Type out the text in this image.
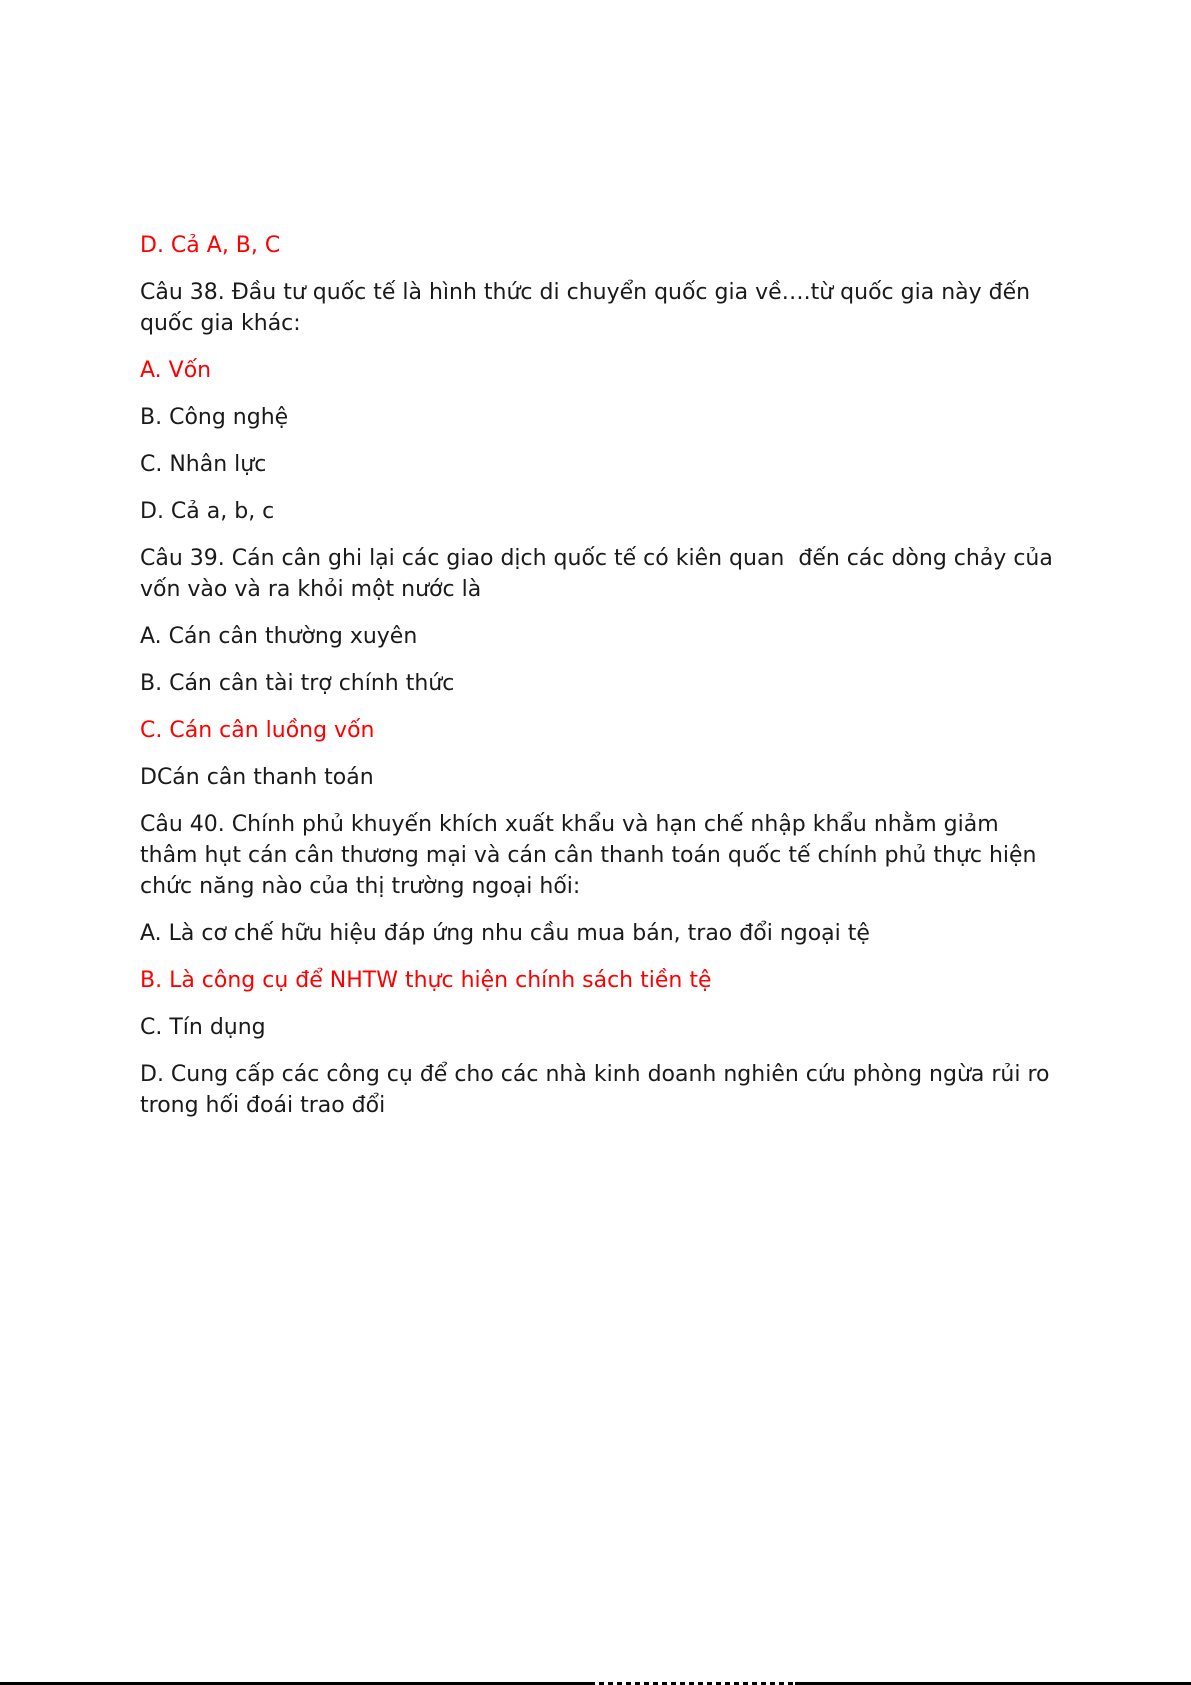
D. Cả A, B, C

Câu 38. Đầu tư quốc tế là hình thức di chuyển quốc gia về….từ quốc gia này đến quốc gia khác:

A. Vốn

B. Công nghệ

C. Nhân lực

D. Cả a, b, c

Câu 39. Cán cân ghi lại các giao dịch quốc tế có kiên quan  đến các dòng chảy của vốn vào và ra khỏi một nước là

A. Cán cân thường xuyên

B. Cán cân tài trợ chính thức

C. Cán cân luồng vốn

DCán cân thanh toán

Câu 40. Chính phủ khuyến khích xuất khẩu và hạn chế nhập khẩu nhằm giảm thâm hụt cán cân thương mại và cán cân thanh toán quốc tế chính phủ thực hiện chức năng nào của thị trường ngoại hối:

A. Là cơ chế hữu hiệu đáp ứng nhu cầu mua bán, trao đổi ngoại tệ

B. Là công cụ để NHTW thực hiện chính sách tiền tệ

C. Tín dụng

D. Cung cấp các công cụ để cho các nhà kinh doanh nghiên cứu phòng ngừa rủi ro trong hối đoái trao đổi
